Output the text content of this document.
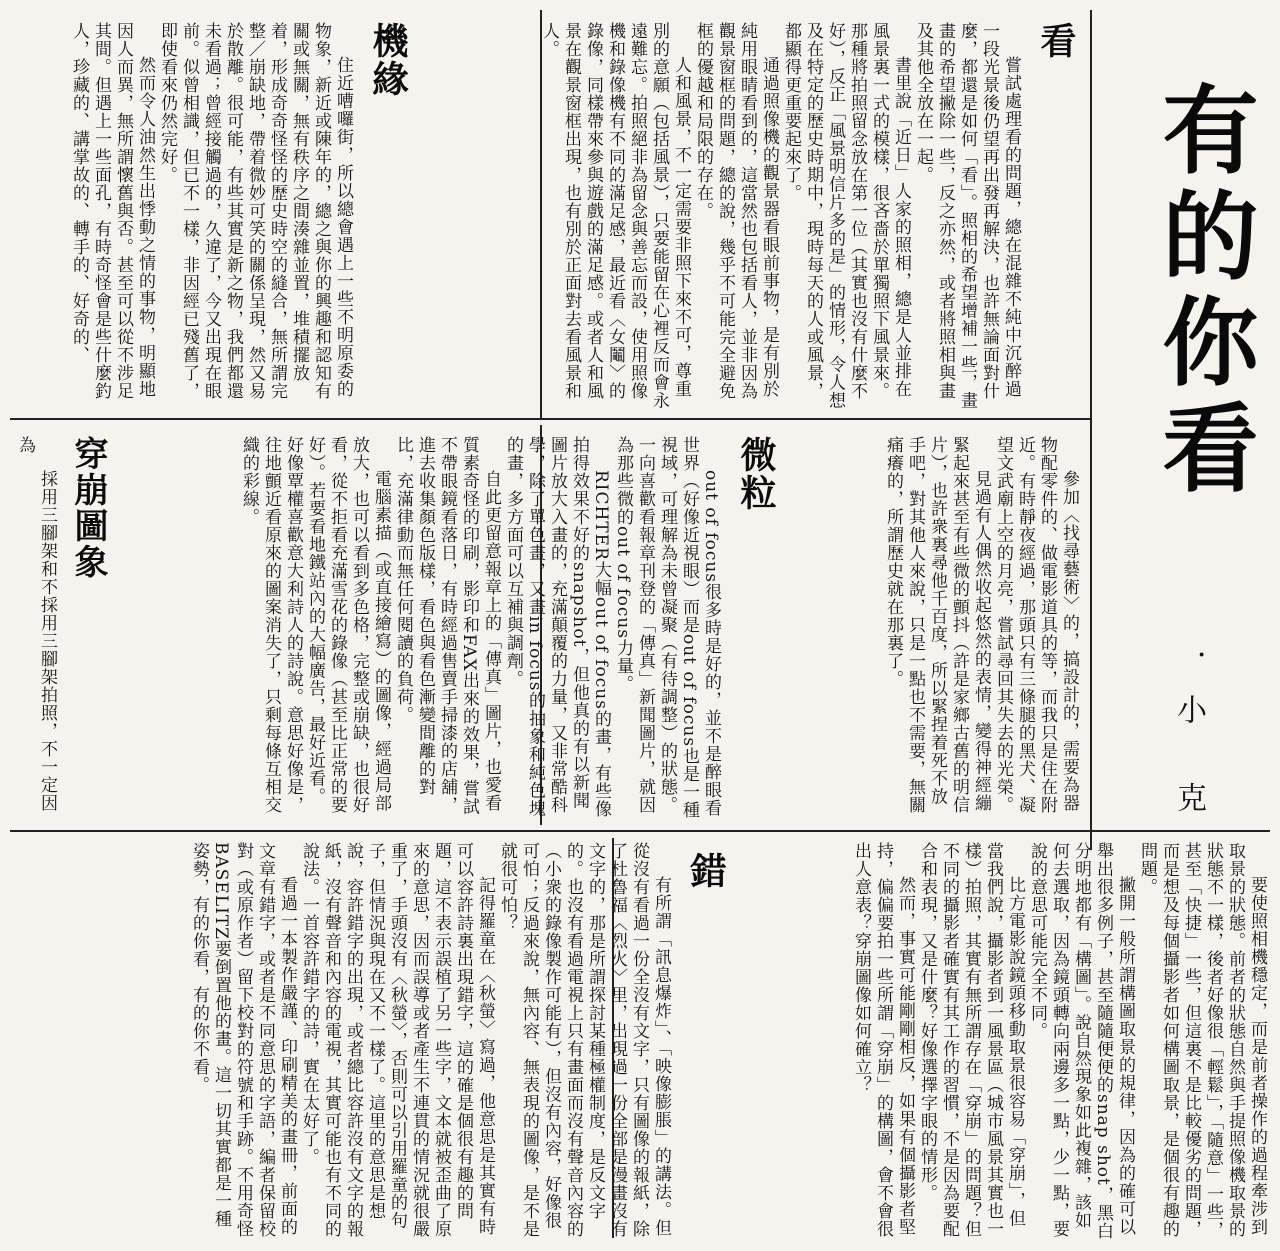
有的你看
．小　克
看

嘗試處理看的問題，總在混雜不純中沉醉過一段光景後仍望再出發再解決，也許無論面對什麼，都還是如何「看」。照相的希望增補一些，畫畫的希望撇除一些，反之亦然，或者將照相與畫及其他全放在一起。

書里說「近日」人家的照相，總是人並排在風景裏一式的模樣，很吝嗇於單獨照下風景來。那種將拍照留念放在第一位（其實也沒有什麼不好），反正「風景明信片多的是」的情形，令人想及在特定的歷史時期中，現時每天的人或風景，都顯得更重要起來了。

通過照像機的觀景器看眼前事物，是有別於純用眼睛看到的，這當然也包括看人，並非因為觀景窗框的問題，總的說，幾乎不可能完全避免框的優越和局限的存在。

人和風景，不一定需要非照下來不可，尊重別的意願（包括風景），只要能留在心裡反而會永遠難忘。拍照絕非為留念與善忘而設，使用照像機和錄像機有不同的滿足感，最近看〈女鬮〉的錄像，同樣帶來參與遊戲的滿足感。或者人和風景在觀景窗框出現，也有別於正面對去看風景和人。

機緣

住近嘈囉街，所以總會遇上一些不明原委的物象，新近或陳年的，總之與你的興趣和認知有關或無關，無有秩序之間湊雜並置，堆積擺放着，形成奇奇怪怪的歷史時空的縫合，無所謂完整／崩缺地，帶着微妙可笑的關係呈現，然又易於散離。很可能，有些其實是新之物，我們都還未看過；曾經接觸過的，久違了，今又出現在眼前。似曾相識，但已不一樣，非因經已殘舊了，即使看來仍然完好。

然而令人油然生出悸動之情的事物，明顯地因人而異，無所謂懷舊與否。甚至可以從不涉足其間。但遇上一些面孔，有時奇怪會是些什麼釣人，珍藏的、講掌故的、轉手的、好奇的、

微粒	參加〈找尋藝術〉的，搞設計的，需要為器物配零件的、做電影道具的等，而我只是住在附近。有時靜夜經過，那頭只有三條腿的黑犬、凝望文武廟上空的月亮，嘗試尋回其失去的光榮。

見過有人偶然收起悠然的表情，變得神經繃緊起來甚至有些微的顫抖（許是家鄉古舊的明信片），也許衆裏尋他千百度，所以緊捏着死不放手吧，對其他人來說，只是一點也不需要，無關痛癢的，所謂歷史就在那裏了。

穿崩圖象

採用三腳架和不採用三腳架拍照，不一定因為

out of focus很多時是好的，並不是醉眼看世界（好像近視眼）而是out of focus也是一種視域，可理解為未曾凝聚（有待調整）的狀態。一向喜歡看報章刊登的「傳真」新聞圖片，就因為那些微的out of focus力量。

RICHTER大幅out of focus的畫，有些像拍得效果不好的snapshot，但他真的有以新聞圖片放大入畫的，充滿顛覆的力量，又非常酷科學，除了單色畫，又畫in focus的抽象和純色塊的畫，多方面可以互補與調劑。

自此更留意報章上的「傳真」圖片，也愛看質素奇怪的印刷，影印和FAX出來的效果，嘗試不帶眼鏡看落日，有時經過售賣手掃漆的店舖，進去收集顏色版樣，看色與看色漸變間離的對比，充滿律動而無任何閱讀的負荷。

電腦素描（或直接繪寫）的圖像，經過局部放大，也可以看到多色格，完整或崩缺，也很好看，從不拒看充滿雪花的錄像（甚至比正常的要好）。若要看地鐵站內的大幅廣告，最好近看。好像覃權喜歡意大利詩人的詩說。意思好像是，往地顫近看原來的圖案消失了，只剩每條互相交織的彩線。

要使照相機穩定，而是前者操作的過程牽涉到取景的狀態。前者的狀態自然與手提照像機取景的狀態不一樣，後者好像很「輕鬆」，「隨意」一些，甚至「快捷」一些，但這裏不是比較優劣的問題，而是想及每個攝影者如何構圖取景，是個很有趣的問題。

撇開一般所謂構圖取景的規律，因為的確可以舉出很多例子，甚至隨隨便便的snap shot，黑白分明地都有「構圖」。說自然現象如此複雜，該如何去選取，因為鏡頭轉向兩邊多一點，少一點，要說的意思可能完全不同。

比方電影說鏡頭移動取景很容易「穿崩」，但當我們說，攝影者到一風景區（城市風景其實也一樣）拍照，其實有無所謂存在「穿崩」的問題？但不同的攝影者確實有其工作的習慣，不是因為要配合和表現，又是什麼？好像選擇字眼的情形。

然而，事實可能剛剛相反，如果有個攝影者堅持，偏偏要拍一些所謂「穿崩」的構圖，會不會很出人意表？穿崩圖像如何確立？

錯

有所謂「訊息爆炸」、「映像膨脹」的講法。但從沒有看過一份全沒有文字，只有圖像的報紙，除了杜魯福〈烈火〉里，出現過一份全部是漫畫沒有文字的，那是所謂探討某種極權制度，是反文字的。也沒有看過電視上只有畫面而沒有聲音內容的（小衆的錄像製作可能有），但沒有內容，好像很可怕；反過來說，無內容、無表現的圖像，是不是就很可怕？

記得羅童在〈秋螢〉寫過，他意思是其實有時可以容許詩裏出現錯字，這的確是個很有趣的問題，這不表示誤植了另一些字，文本就被歪曲了原來的意思，因而誤導或者產生不連貫的情況就很嚴重了，手頭沒有〈秋螢〉，否則可以引用羅童的句子，但情況與現在又不一樣了。這里的意思是想說，容許錯字的出現，或者總比容許沒有文字的報紙，沒有聲音和內容的電視，其實可能也有不同的說法。一首容許錯字的詩，實在太好了。

看過一本製作嚴謹、印刷精美的畫冊，前面的文章有錯字，或者是不同意思的字語，編者保留校對（或原作者）留下校對的符號和手跡。不用奇怪BASELITZ要倒置他的畫。這一切其實都是一種姿勢，有的你看，有的你不看。
